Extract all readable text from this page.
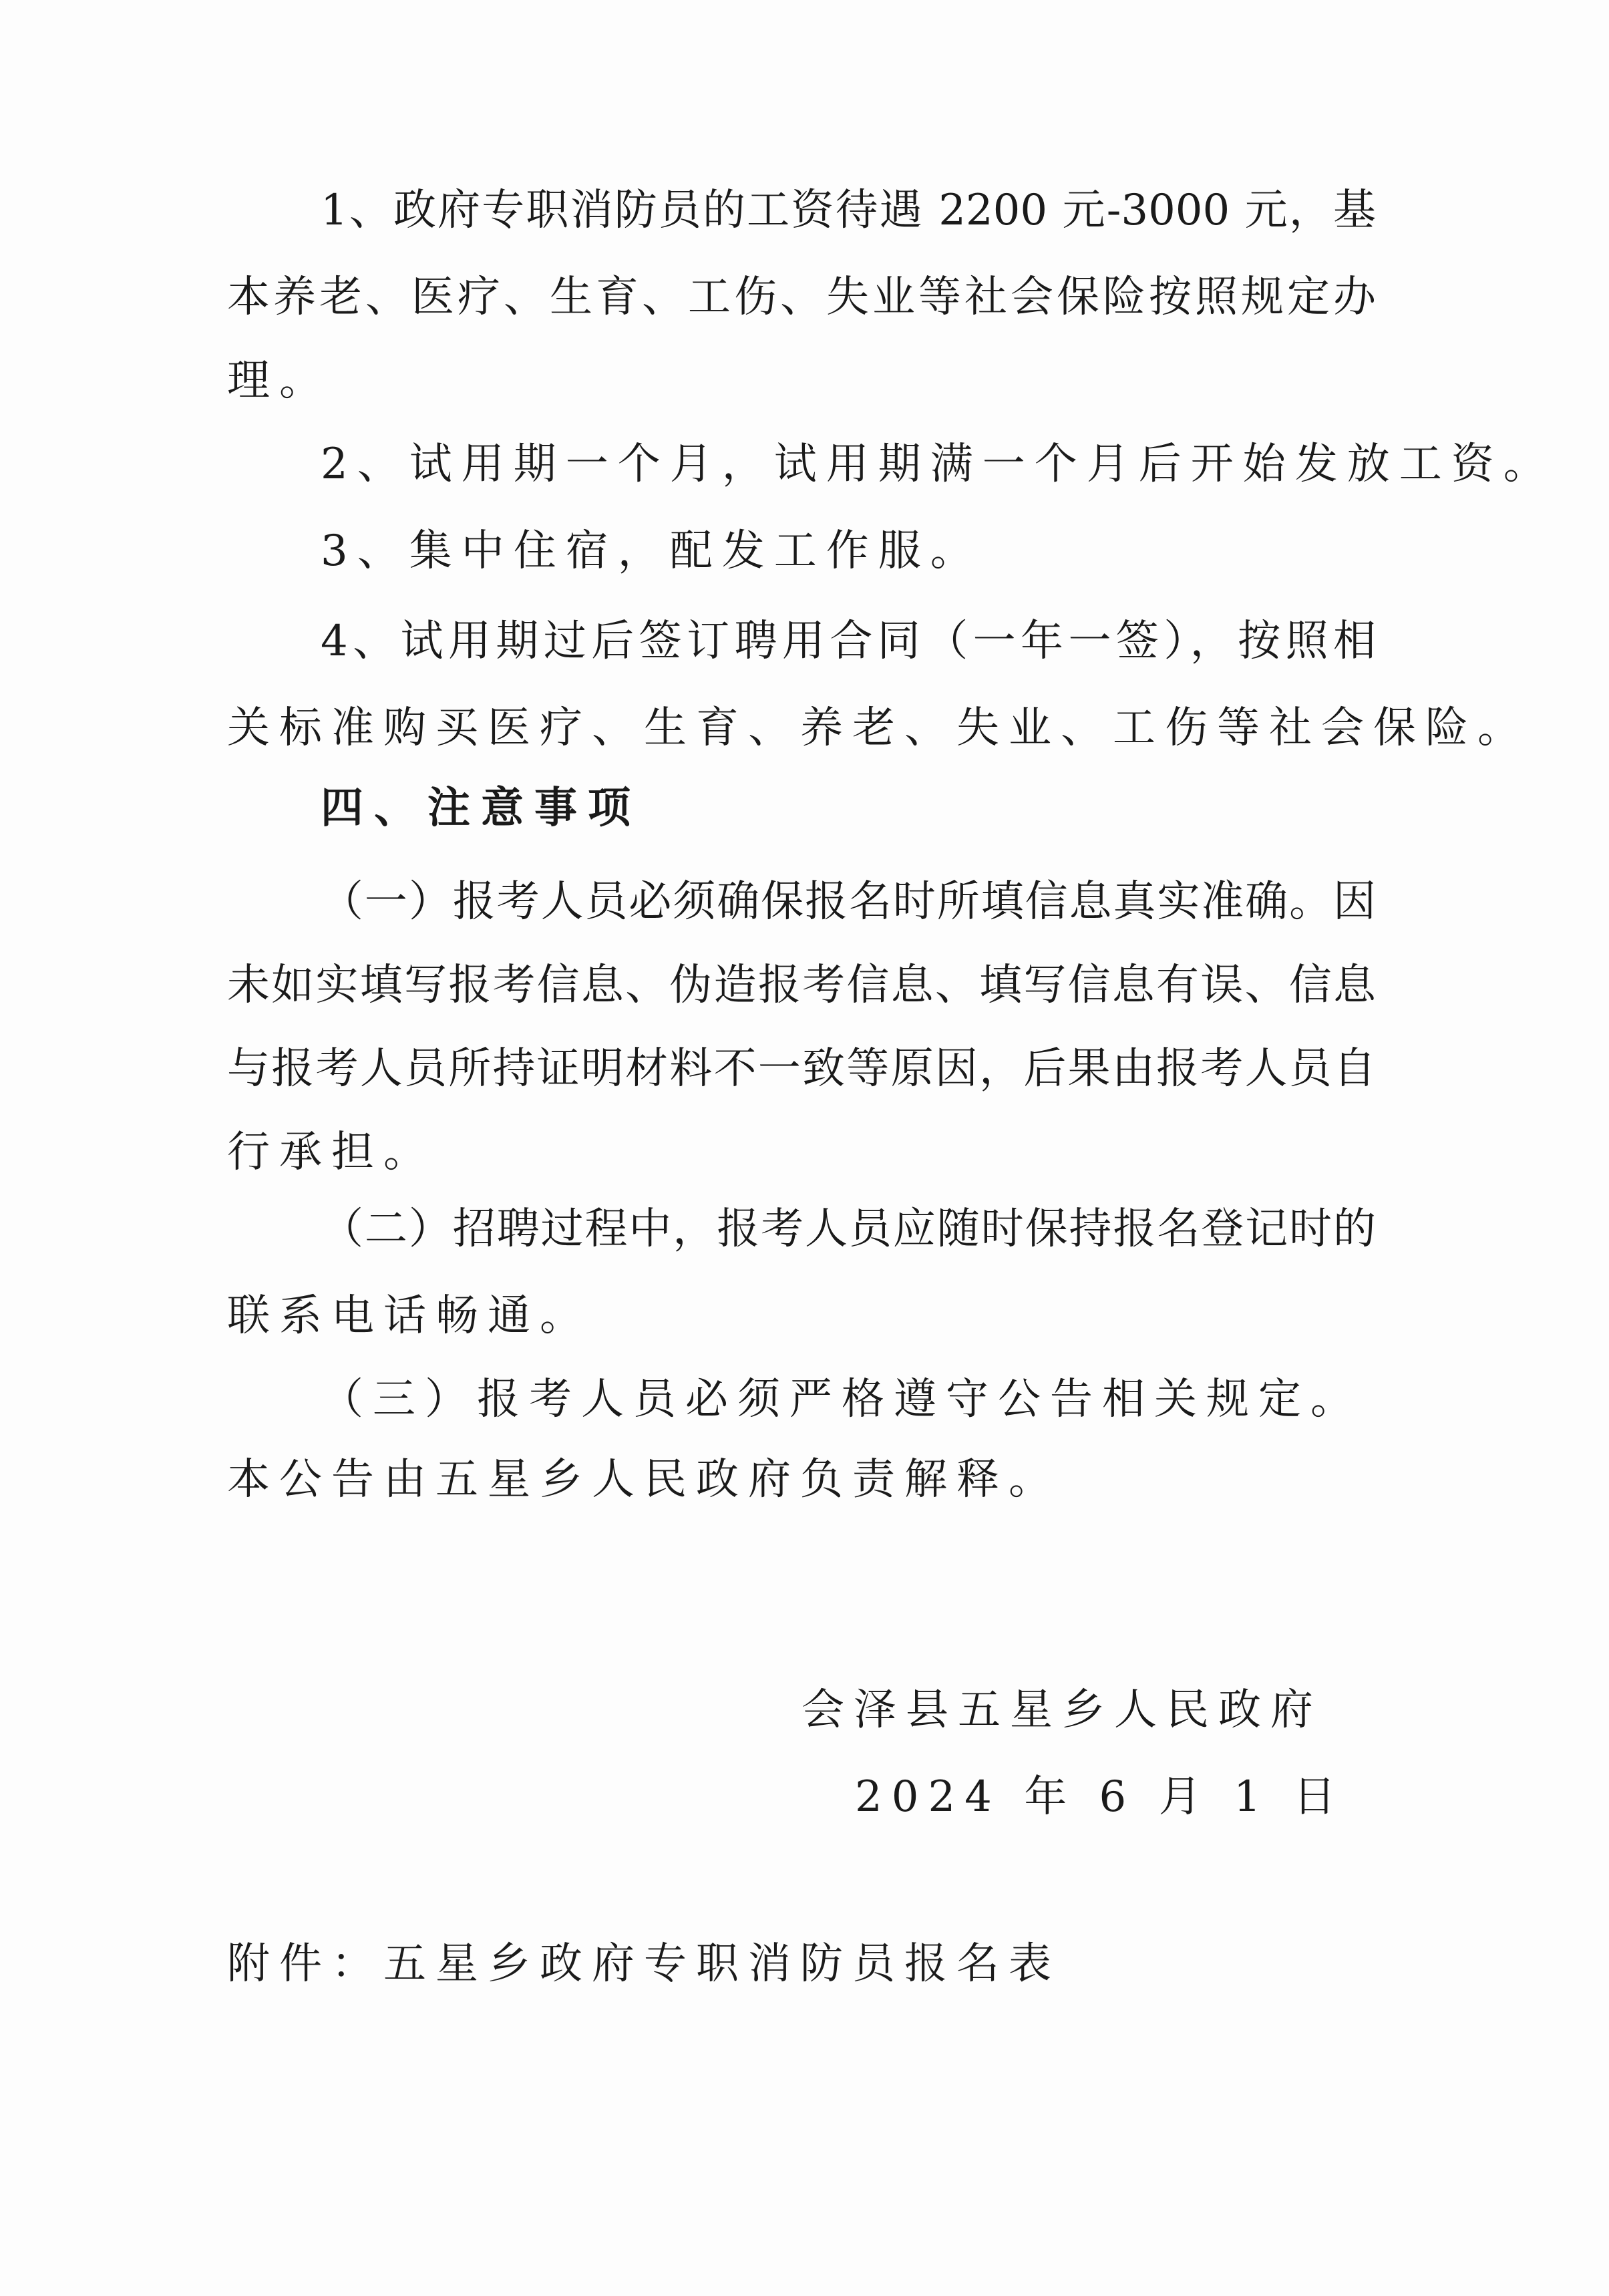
1、政府专职消防员的工资待遇 2200 元-3000 元，基
本养老、医疗、生育、工伤、失业等社会保险按照规定办
理。
2、试用期一个月，试用期满一个月后开始发放工资。
3、集中住宿，配发工作服。
4、试用期过后签订聘用合同（一年一签），按照相
关标准购买医疗、生育、养老、失业、工伤等社会保险。
四、注意事项
（一）报考人员必须确保报名时所填信息真实准确。因
未如实填写报考信息、伪造报考信息、填写信息有误、信息
与报考人员所持证明材料不一致等原因，后果由报考人员自
行承担。
（二）招聘过程中，报考人员应随时保持报名登记时的
联系电话畅通。
（三）报考人员必须严格遵守公告相关规定。
本公告由五星乡人民政府负责解释。
会泽县五星乡人民政府
2024 年 6 月 1 日
附件：五星乡政府专职消防员报名表
